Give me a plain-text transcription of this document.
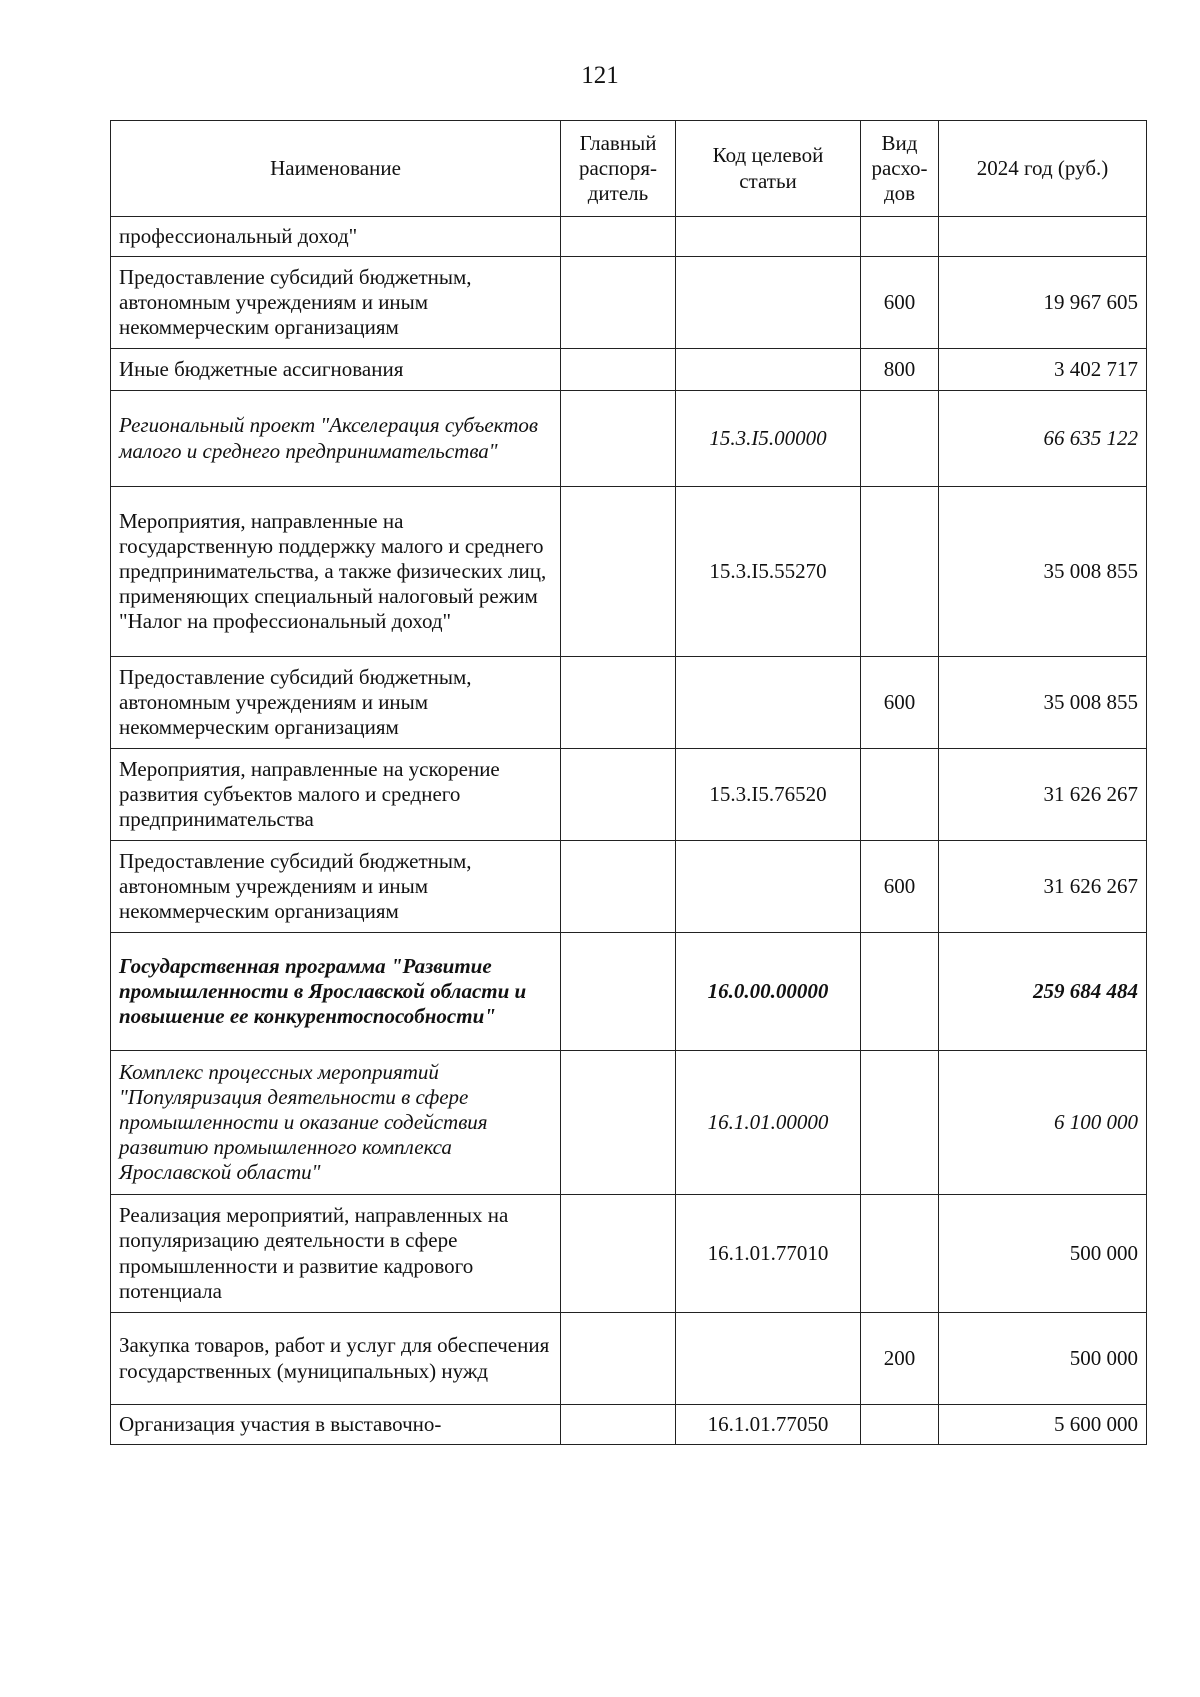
121
Наименование	Главный распоря-дитель	Код целевой статьи	Вид расхо-дов	2024 год (руб.)
профессиональный доход"				
Предоставление субсидий бюджетным, автономным учреждениям и иным некоммерческим организациям			600	19 967 605
Иные бюджетные ассигнования			800	3 402 717
Региональный проект "Акселерация субъектов малого и среднего предпринимательства"		15.3.I5.00000		66 635 122
Мероприятия, направленные на государственную поддержку малого и среднего предпринимательства, а также физических лиц, применяющих специальный налоговый режим "Налог на профессиональный доход"		15.3.I5.55270		35 008 855
Предоставление субсидий бюджетным, автономным учреждениям и иным некоммерческим организациям			600	35 008 855
Мероприятия, направленные на ускорение развития субъектов малого и среднего предпринимательства		15.3.I5.76520		31 626 267
Предоставление субсидий бюджетным, автономным учреждениям и иным некоммерческим организациям			600	31 626 267
Государственная программа "Развитие промышленности в Ярославской области и повышение ее конкурентоспособности"		16.0.00.00000		259 684 484
Комплекс процессных мероприятий "Популяризация деятельности в сфере промышленности и оказание содействия развитию промышленного комплекса Ярославской области"		16.1.01.00000		6 100 000
Реализация мероприятий, направленных на популяризацию деятельности в сфере промышленности и развитие кадрового потенциала		16.1.01.77010		500 000
Закупка товаров, работ и услуг для обеспечения государственных (муниципальных) нужд			200	500 000
Организация участия в выставочно-		16.1.01.77050		5 600 000
